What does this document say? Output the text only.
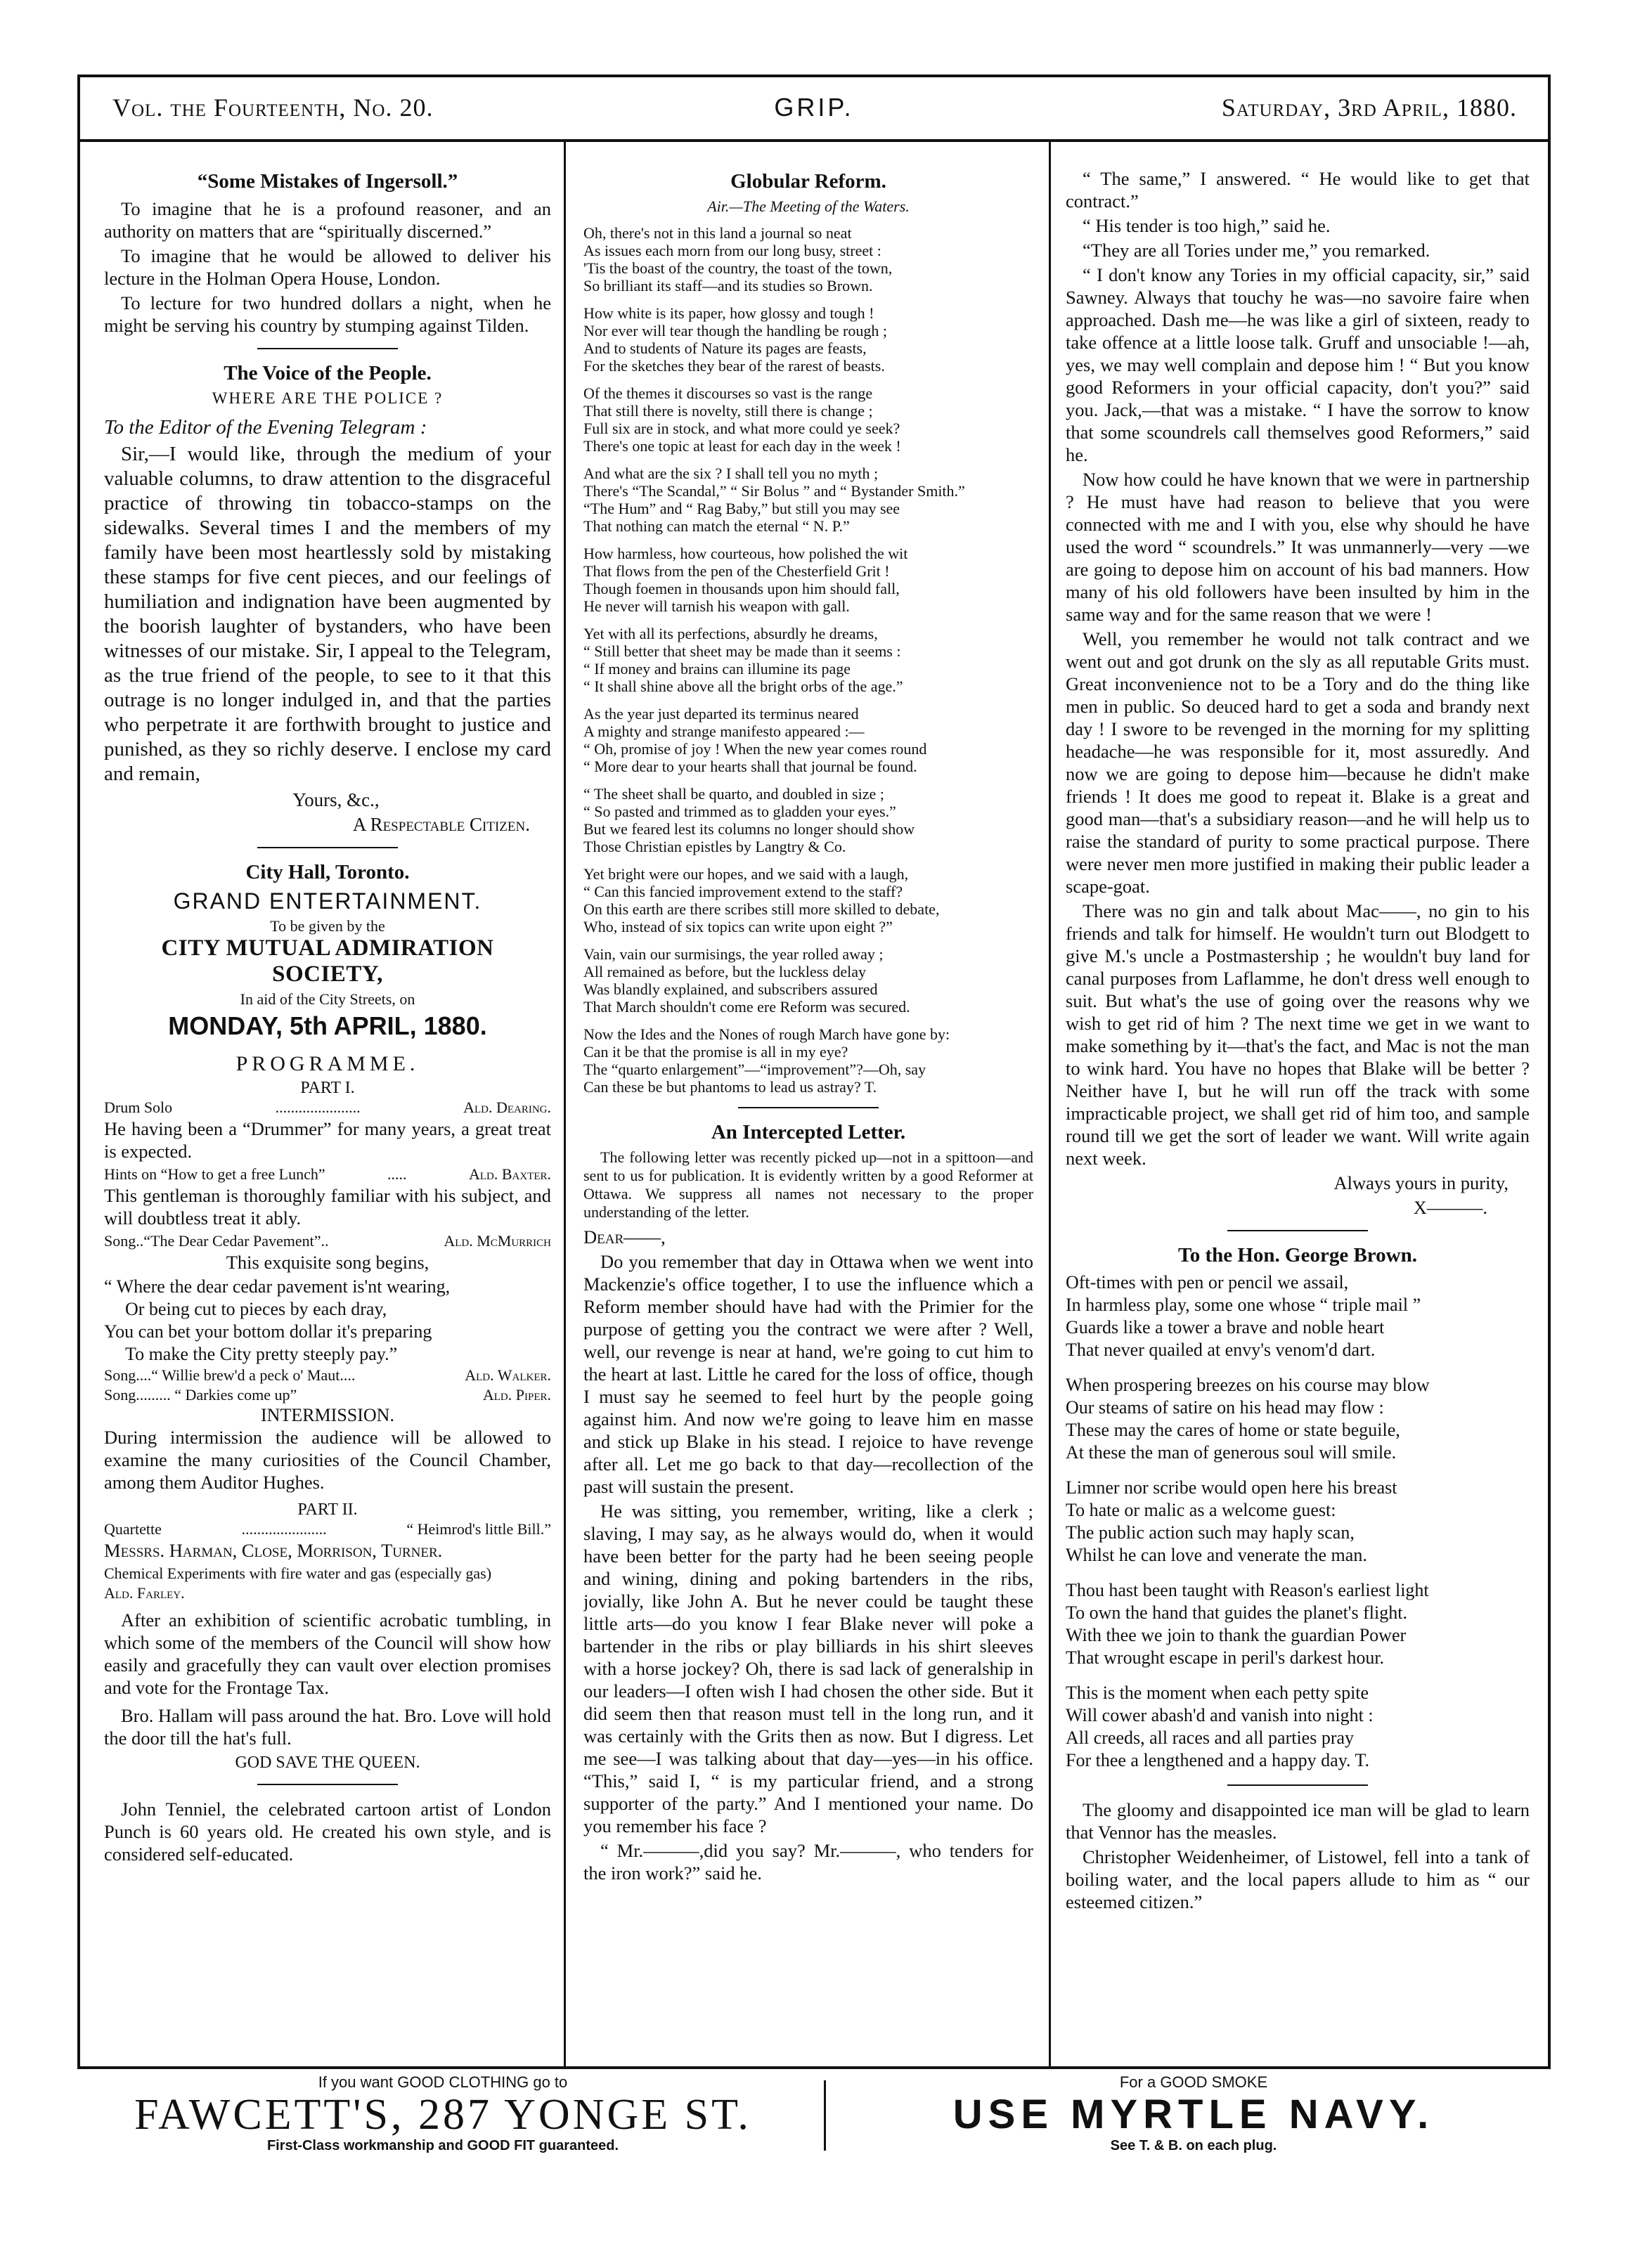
Vol. the Fourteenth, No. 20.	GRIP.	Saturday, 3rd April, 1880.
“Some Mistakes of Ingersoll.”

To imagine that he is a profound reasoner, and an authority on matters that are “spiritually discerned.”

To imagine that he would be allowed to deliver his lecture in the Holman Opera House, London.

To lecture for two hundred dollars a night, when he might be serving his country by stumping against Tilden.

The Voice of the People.
WHERE ARE THE POLICE ?

To the Editor of the Evening Telegram :

Sir,—I would like, through the medium of your valuable columns, to draw attention to the disgraceful practice of throwing tin tobacco-stamps on the sidewalks. Several times I and the members of my family have been most heartlessly sold by mistaking these stamps for five cent pieces, and our feelings of humiliation and indignation have been augmented by the boorish laughter of bystanders, who have been witnesses of our mistake. Sir, I appeal to the Telegram, as the true friend of the people, to see to it that this outrage is no longer indulged in, and that the parties who perpetrate it are forthwith brought to justice and punished, as they so richly deserve. I enclose my card and remain,

Yours, &c.,

A Respectable Citizen.

City Hall, Toronto.
GRAND ENTERTAINMENT.
To be given by the
CITY MUTUAL ADMIRATION SOCIETY,
In aid of the City Streets, on
MONDAY, 5th APRIL, 1880.
PROGRAMME.
PART I.
Drum Solo	......................	Ald. Dearing.

He having been a “Drummer” for many years, a great treat is expected.

Hints on “How to get a free Lunch”	.....	Ald. Baxter.

This gentleman is thoroughly familiar with his subject, and will doubtless treat it ably.

Song..“The Dear Cedar Pavement”..	Ald. McMurrich

This exquisite song begins,

“ Where the dear cedar pavement is'nt wearing,
Or being cut to pieces by each dray,
You can bet your bottom dollar it's preparing
To make the City pretty steeply pay.”
Song....“ Willie brew'd a peck o' Maut....	Ald. Walker.
Song......... “ Darkies come up”	Ald. Piper.
INTERMISSION.

During intermission the audience will be allowed to examine the many curiosities of the Council Chamber, among them Auditor Hughes.

PART II.
Quartette	......................	“ Heimrod's little Bill.”

Messrs. Harman, Close, Morrison, Turner.

Chemical Experiments with fire water and gas (especially gas)
Ald. Farley.

After an exhibition of scientific acrobatic tumbling, in which some of the members of the Council will show how easily and gracefully they can vault over election promises and vote for the Frontage Tax.

Bro. Hallam will pass around the hat. Bro. Love will hold the door till the hat's full.

GOD SAVE THE QUEEN.

John Tenniel, the celebrated cartoon artist of London Punch is 60 years old. He created his own style, and is considered self-educated.

Globular Reform.
Air.—The Meeting of the Waters.
Oh, there's not in this land a journal so neat
As issues each morn from our long busy, street :
'Tis the boast of the country, the toast of the town,
So brilliant its staff—and its studies so Brown.
How white is its paper, how glossy and tough !
Nor ever will tear though the handling be rough ;
And to students of Nature its pages are feasts,
For the sketches they bear of the rarest of beasts.
Of the themes it discourses so vast is the range
That still there is novelty, still there is change ;
Full six are in stock, and what more could ye seek?
There's one topic at least for each day in the week !
And what are the six ? I shall tell you no myth ;
There's “The Scandal,” “ Sir Bolus ” and “ Bystander Smith.”
“The Hum” and “ Rag Baby,” but still you may see
That nothing can match the eternal “ N. P.”
How harmless, how courteous, how polished the wit
That flows from the pen of the Chesterfield Grit !
Though foemen in thousands upon him should fall,
He never will tarnish his weapon with gall.
Yet with all its perfections, absurdly he dreams,
“ Still better that sheet may be made than it seems :
“ If money and brains can illumine its page
“ It shall shine above all the bright orbs of the age.”
As the year just departed its terminus neared
A mighty and strange manifesto appeared :—
“ Oh, promise of joy ! When the new year comes round
“ More dear to your hearts shall that journal be found.
“ The sheet shall be quarto, and doubled in size ;
“ So pasted and trimmed as to gladden your eyes.”
But we feared lest its columns no longer should show
Those Christian epistles by Langtry & Co.
Yet bright were our hopes, and we said with a laugh,
“ Can this fancied improvement extend to the staff?
On this earth are there scribes still more skilled to debate,
Who, instead of six topics can write upon eight ?”
Vain, vain our surmisings, the year rolled away ;
All remained as before, but the luckless delay
Was blandly explained, and subscribers assured
That March shouldn't come ere Reform was secured.
Now the Ides and the Nones of rough March have gone by:
Can it be that the promise is all in my eye?
The “quarto enlargement”—“improvement”?—Oh, say
Can these be but phantoms to lead us astray? T.
An Intercepted Letter.

The following letter was recently picked up—not in a spittoon—and sent to us for publication. It is evidently written by a good Reformer at Ottawa. We suppress all names not necessary to the proper understanding of the letter.

Dear——,

Do you remember that day in Ottawa when we went into Mackenzie's office together, I to use the influence which a Reform member should have had with the Primier for the purpose of getting you the contract we were after ? Well, well, our revenge is near at hand, we're going to cut him to the heart at last. Little he cared for the loss of office, though I must say he seemed to feel hurt by the people going against him. And now we're going to leave him en masse and stick up Blake in his stead. I rejoice to have revenge after all. Let me go back to that day—recollection of the past will sustain the present.

He was sitting, you remember, writing, like a clerk ; slaving, I may say, as he always would do, when it would have been better for the party had he been seeing people and wining, dining and poking bartenders in the ribs, jovially, like John A. But he never could be taught these little arts—do you know I fear Blake never will poke a bartender in the ribs or play billiards in his shirt sleeves with a horse jockey? Oh, there is sad lack of generalship in our leaders—I often wish I had chosen the other side. But it did seem then that reason must tell in the long run, and it was certainly with the Grits then as now. But I digress. Let me see—I was talking about that day—yes—in his office. “This,” said I, “ is my particular friend, and a strong supporter of the party.” And I mentioned your name. Do you remember his face ?

“ Mr.———,did you say? Mr.———, who tenders for the iron work?” said he.

“ The same,” I answered. “ He would like to get that contract.”

“ His tender is too high,” said he.

“They are all Tories under me,” you remarked.

“ I don't know any Tories in my official capacity, sir,” said Sawney. Always that touchy he was—no savoire faire when approached. Dash me—he was like a girl of sixteen, ready to take offence at a little loose talk. Gruff and unsociable !—ah, yes, we may well complain and depose him ! “ But you know good Reformers in your official capacity, don't you?” said you. Jack,—that was a mistake. “ I have the sorrow to know that some scoundrels call themselves good Reformers,” said he.

Now how could he have known that we were in partnership ? He must have had reason to believe that you were connected with me and I with you, else why should he have used the word “ scoundrels.” It was unmannerly—very —we are going to depose him on account of his bad manners. How many of his old followers have been insulted by him in the same way and for the same reason that we were !

Well, you remember he would not talk contract and we went out and got drunk on the sly as all reputable Grits must. Great inconvenience not to be a Tory and do the thing like men in public. So deuced hard to get a soda and brandy next day ! I swore to be revenged in the morning for my splitting headache—he was responsible for it, most assuredly. And now we are going to depose him—because he didn't make friends ! It does me good to repeat it. Blake is a great and good man—that's a subsidiary reason—and he will help us to raise the standard of purity to some practical purpose. There were never men more justified in making their public leader a scape-goat.

There was no gin and talk about Mac——, no gin to his friends and talk for himself. He wouldn't turn out Blodgett to give M.'s uncle a Postmastership ; he wouldn't buy land for canal purposes from Laflamme, he don't dress well enough to suit. But what's the use of going over the reasons why we wish to get rid of him ? The next time we get in we want to make something by it—that's the fact, and Mac is not the man to wink hard. You have no hopes that Blake will be better ? Neither have I, but he will run off the track with some impracticable project, we shall get rid of him too, and sample round till we get the sort of leader we want. Will write again next week.

Always yours in purity,

X———.

To the Hon. George Brown.
Oft-times with pen or pencil we assail,
In harmless play, some one whose “ triple mail ”
Guards like a tower a brave and noble heart
That never quailed at envy's venom'd dart.
When prospering breezes on his course may blow
Our steams of satire on his head may flow :
These may the cares of home or state beguile,
At these the man of generous soul will smile.
Limner nor scribe would open here his breast
To hate or malic as a welcome guest:
The public action such may haply scan,
Whilst he can love and venerate the man.
Thou hast been taught with Reason's earliest light
To own the hand that guides the planet's flight.
With thee we join to thank the guardian Power
That wrought escape in peril's darkest hour.
This is the moment when each petty spite
Will cower abash'd and vanish into night :
All creeds, all races and all parties pray
For thee a lengthened and a happy day. T.

The gloomy and disappointed ice man will be glad to learn that Vennor has the measles.

Christopher Weidenheimer, of Listowel, fell into a tank of boiling water, and the local papers allude to him as “ our esteemed citizen.”

If you want GOOD CLOTHING go to
FAWCETT'S, 287 YONGE ST.
First-Class workmanship and GOOD FIT guaranteed.
For a GOOD SMOKE
USE MYRTLE NAVY.
See T. & B. on each plug.
